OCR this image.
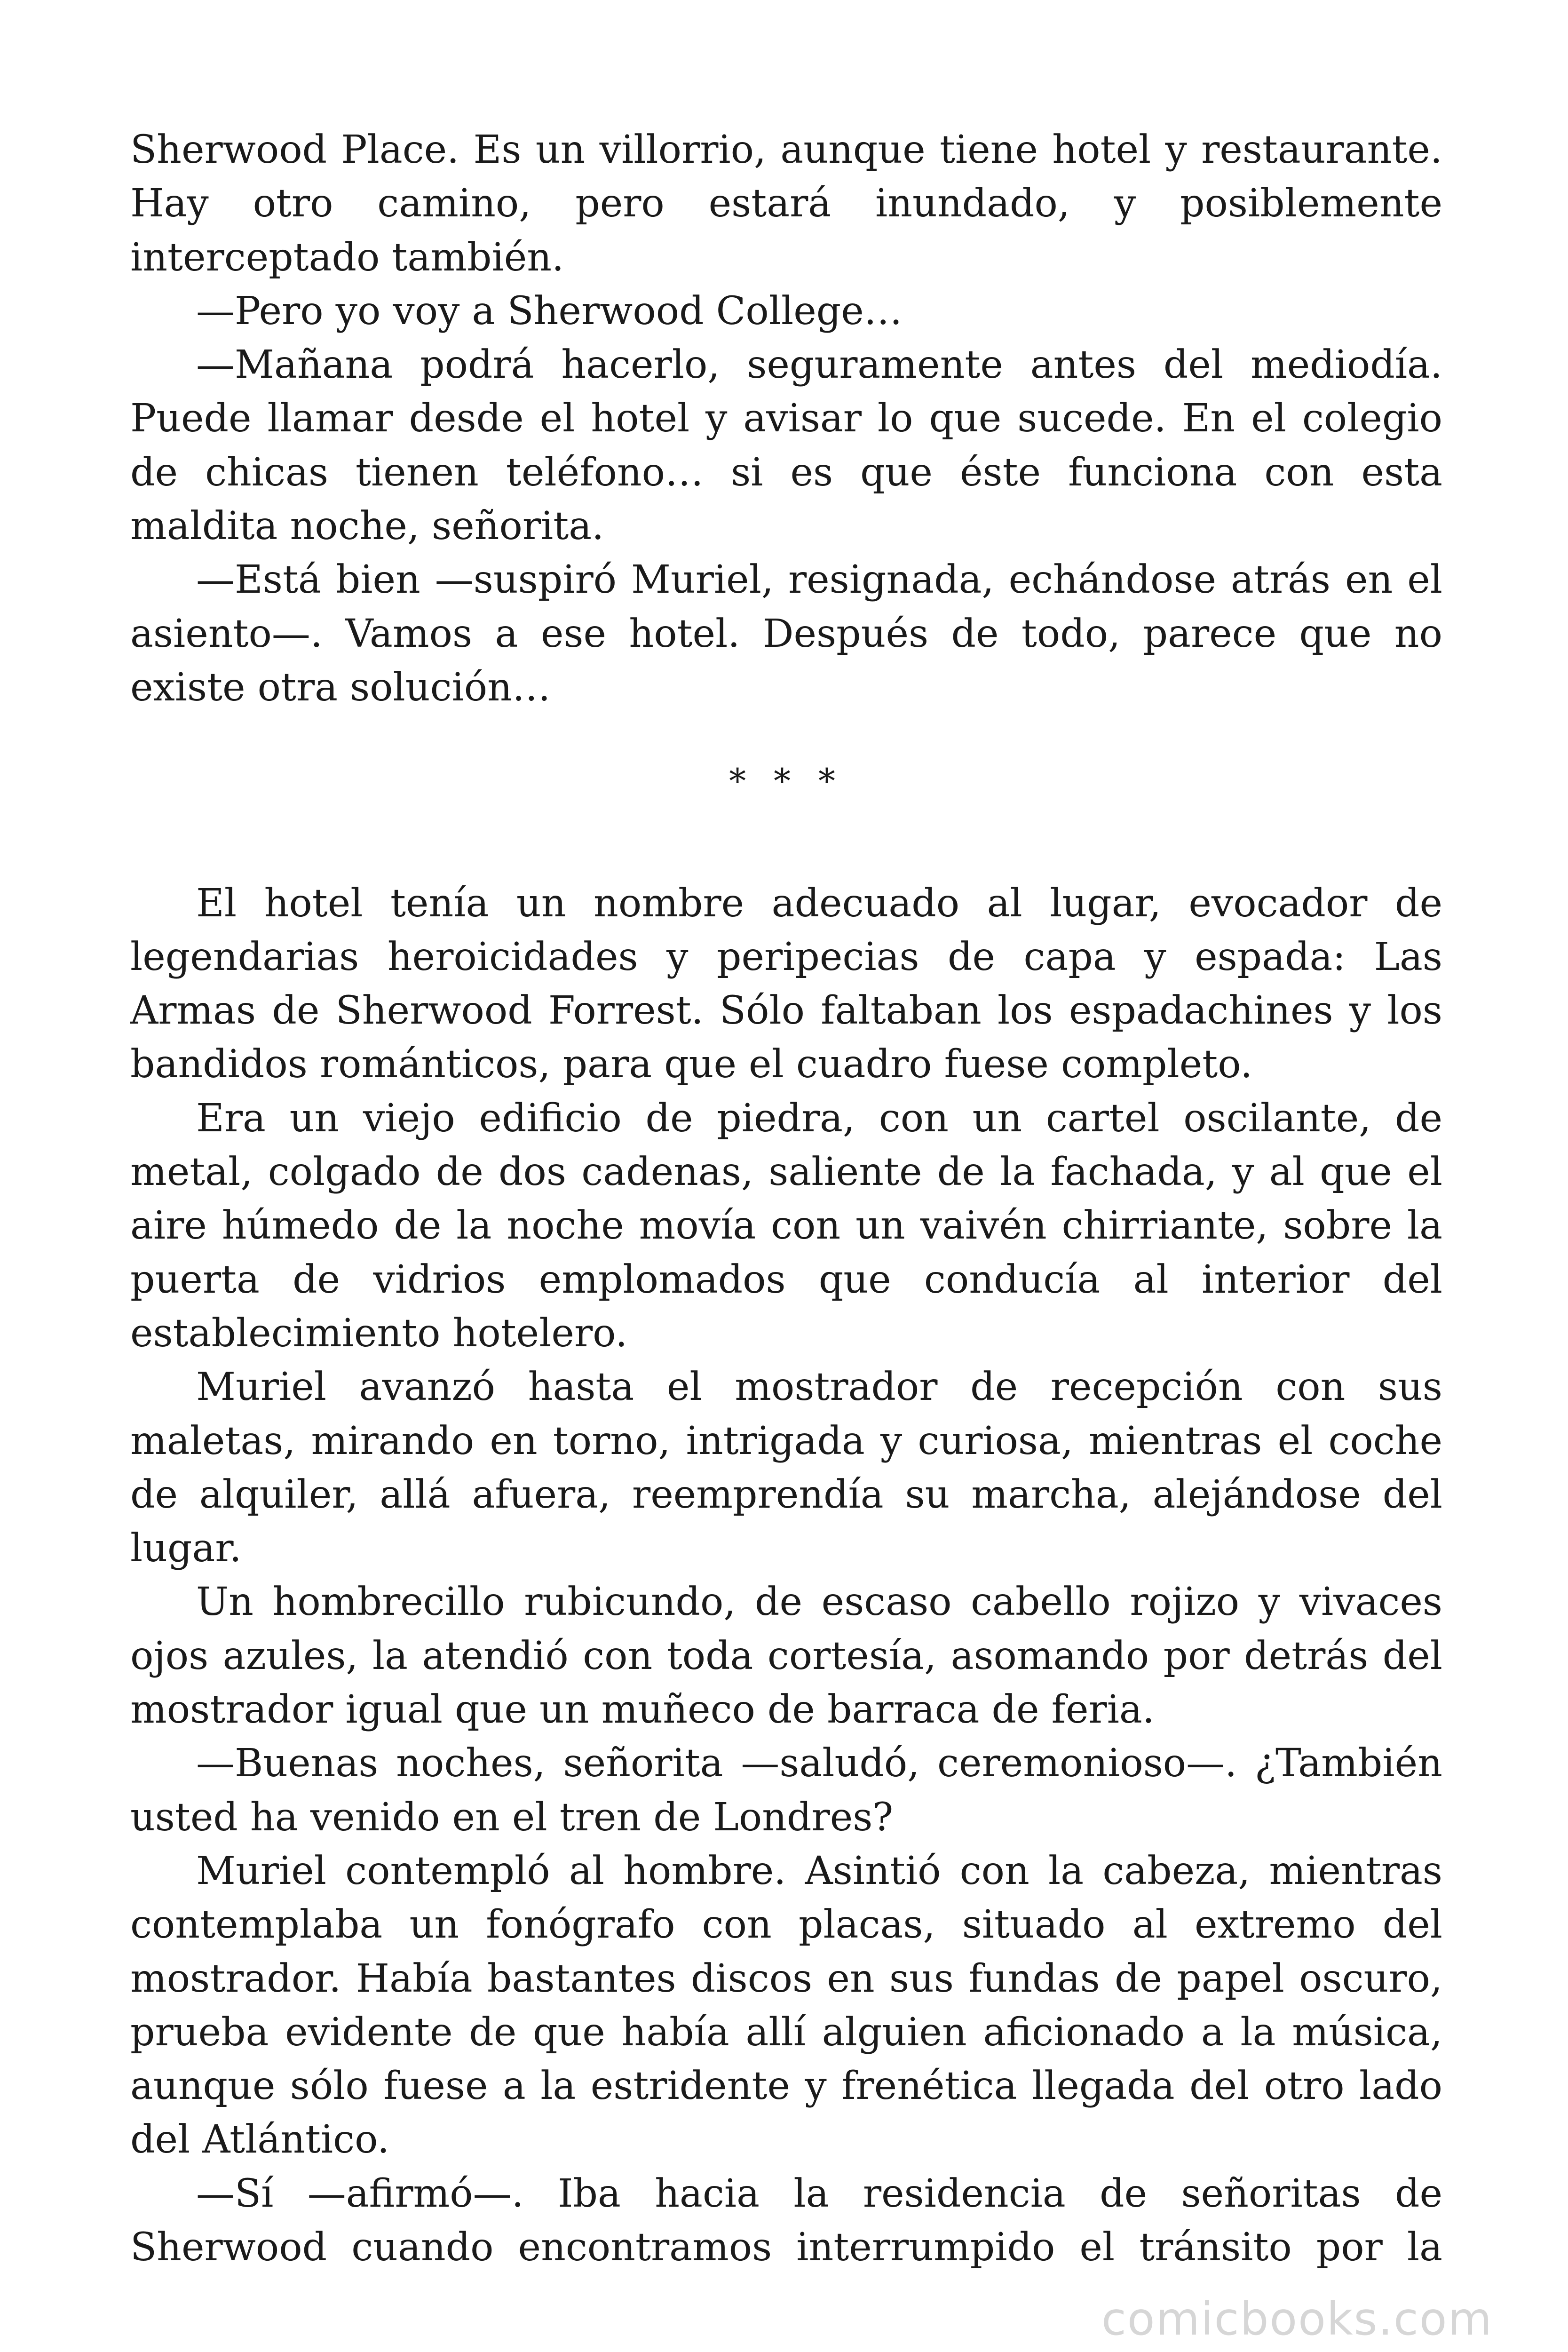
Sherwood Place. Es un villorrio, aunque tiene hotel y restaurante. Hay otro camino, pero estará inundado, y posiblemente interceptado también.

—Pero yo voy a Sherwood College…

—Mañana podrá hacerlo, seguramente antes del mediodía. Puede llamar desde el hotel y avisar lo que sucede. En el colegio de chicas tienen teléfono… si es que éste funciona con esta maldita noche, señorita.

—Está bien —suspiró Muriel, resignada, echándose atrás en el asiento—. Vamos a ese hotel. Después de todo, parece que no existe otra solución…

* * *

El hotel tenía un nombre adecuado al lugar, evocador de legendarias heroicidades y peripecias de capa y espada: Las Armas de Sherwood Forrest. Sólo faltaban los espadachines y los bandidos románticos, para que el cuadro fuese completo.

Era un viejo edificio de piedra, con un cartel oscilante, de metal, colgado de dos cadenas, saliente de la fachada, y al que el aire húmedo de la noche movía con un vaivén chirriante, sobre la puerta de vidrios emplomados que conducía al interior del establecimiento hotelero.

Muriel avanzó hasta el mostrador de recepción con sus maletas, mirando en torno, intrigada y curiosa, mientras el coche de alquiler, allá afuera, reemprendía su marcha, alejándose del lugar.

Un hombrecillo rubicundo, de escaso cabello rojizo y vivaces ojos azules, la atendió con toda cortesía, asomando por detrás del mostrador igual que un muñeco de barraca de feria.

—Buenas noches, señorita —saludó, ceremonioso—. ¿También usted ha venido en el tren de Londres?

Muriel contempló al hombre. Asintió con la cabeza, mientras contemplaba un fonógrafo con placas, situado al extremo del mostrador. Había bastantes discos en sus fundas de papel oscuro, prueba evidente de que había allí alguien aficionado a la música, aunque sólo fuese a la estridente y frenética llegada del otro lado del Atlántico.

—Sí —afirmó—. Iba hacia la residencia de señoritas de Sherwood cuando encontramos interrumpido el tránsito por la

comicbooks.com
